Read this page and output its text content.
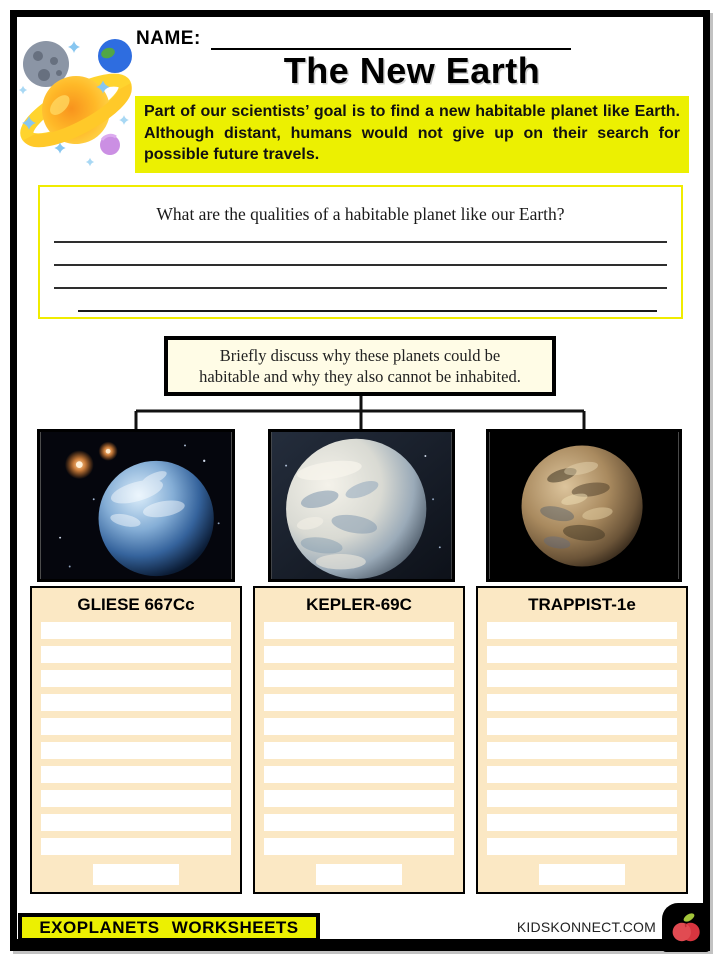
NAME:
The New Earth
Part of our scientists’ goal is to find a new habitable planet like Earth. Although distant, humans would not give up on their search for possible future travels.
What are the qualities of a habitable planet like our Earth?
Briefly discuss why these planets could be
habitable and why they also cannot be inhabited.
GLIESE 667Cc	KEPLER-69C	TRAPPIST-1e
EXOPLANETS WORKSHEETS	KIDSKONNECT.COM
